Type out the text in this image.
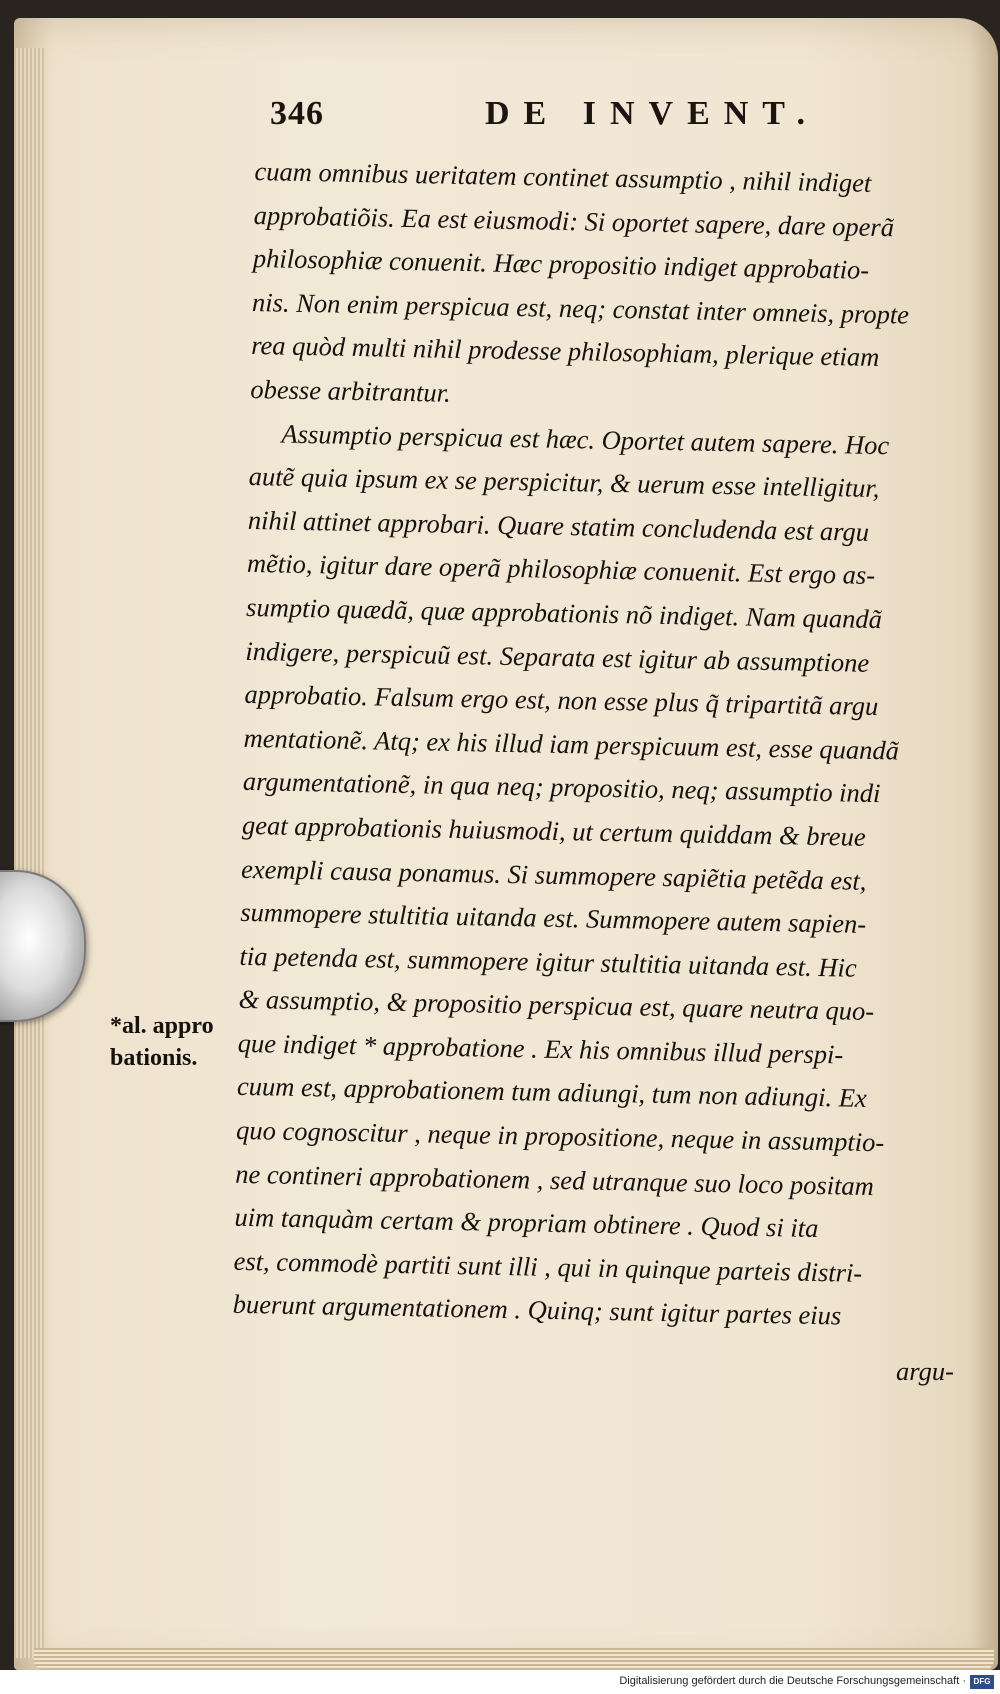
346	DE INVENT.
cuam omnibus ueritatem continet assumptio , nihil indiget
approbatiõis. Ea est eiusmodi: Si oportet sapere, dare operã
philosophiæ conuenit. Hæc propositio indiget approbatio-
nis. Non enim perspicua est, neq; constat inter omneis, propte
rea quòd multi nihil prodesse philosophiam, plerique etiam
obesse arbitrantur.
Assumptio perspicua est hæc. Oportet autem sapere. Hoc
autẽ quia ipsum ex se perspicitur, & uerum esse intelligitur,
nihil attinet approbari. Quare statim concludenda est argu
mẽtio, igitur dare operã philosophiæ conuenit. Est ergo as-
sumptio quædã, quæ approbationis nõ indiget. Nam quandã
indigere, perspicuũ est. Separata est igitur ab assumptione
approbatio. Falsum ergo est, non esse plus q̃ tripartitã argu
mentationẽ. Atq; ex his illud iam perspicuum est, esse quandã
argumentationẽ, in qua neq; propositio, neq; assumptio indi
geat approbationis huiusmodi, ut certum quiddam & breue
exempli causa ponamus. Si summopere sapiẽtia petẽda est,
summopere stultitia uitanda est. Summopere autem sapien-
tia petenda est, summopere igitur stultitia uitanda est. Hic
& assumptio, & propositio perspicua est, quare neutra quo-
que indiget * approbatione . Ex his omnibus illud perspi-
cuum est, approbationem tum adiungi, tum non adiungi. Ex
quo cognoscitur , neque in propositione, neque in assumptio-
ne contineri approbationem , sed utranque suo loco positam
uim tanquàm certam & propriam obtinere . Quod si ita
est, commodè partiti sunt illi , qui in quinque parteis distri-
buerunt argumentationem . Quinq; sunt igitur partes eius
argu-
*al. appro
bationis.
Digitalisierung gefördert durch die Deutsche Forschungsgemeinschaft · DFG
